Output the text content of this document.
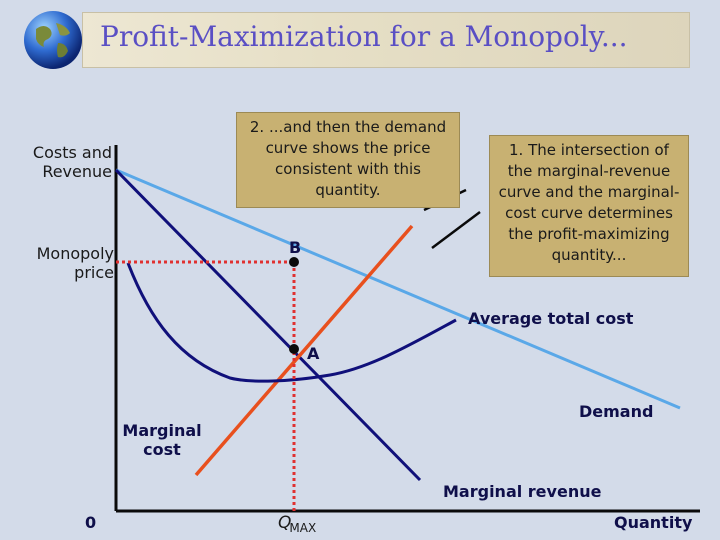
Profit-Maximization for a Monopoly...
2. ...and then the demand curve shows the price consistent with this quantity.
1. The intersection of the marginal-revenue curve and the marginal-cost curve determines the profit-maximizing quantity...
Costs and
Revenue
Monopoly
price
B
A
Average total cost
Demand
Marginal
cost
Marginal revenue
0	$Q_{MAX}$	Quantity
